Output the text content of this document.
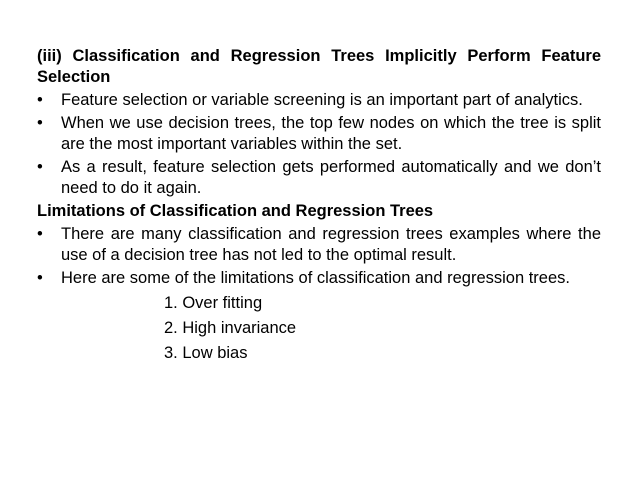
(iii) Classification and Regression Trees Implicitly Perform Feature Selection

• Feature selection or variable screening is an important part of analytics.
• When we use decision trees, the top few nodes on which the tree is split are the most important variables within the set.
• As a result, feature selection gets performed automatically and we don’t need to do it again.

Limitations of Classification and Regression Trees

• There are many classification and regression trees examples where the use of a decision tree has not led to the optimal result.
• Here are some of the limitations of classification and regression trees.
1. Over fitting
2. High invariance
3. Low bias
